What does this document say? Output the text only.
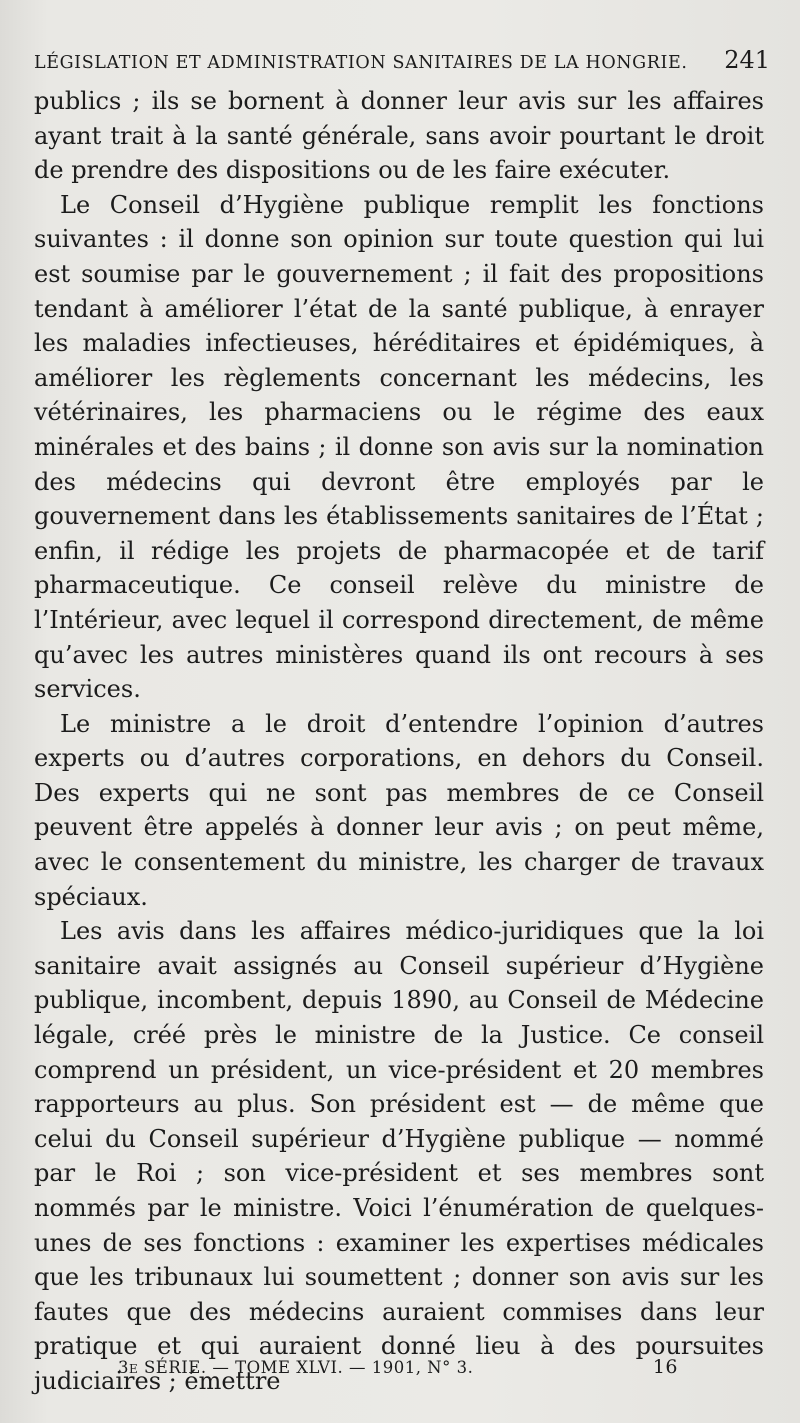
LÉGISLATION ET ADMINISTRATION SANITAIRES DE LA HONGRIE. 241

publics ; ils se bornent à donner leur avis sur les affaires ayant trait à la santé générale, sans avoir pourtant le droit de prendre des dispositions ou de les faire exécuter.

Le Conseil d’Hygiène publique remplit les fonctions suivantes : il donne son opinion sur toute question qui lui est soumise par le gouvernement ; il fait des propositions tendant à améliorer l’état de la santé publique, à enrayer les maladies infectieuses, héréditaires et épidémiques, à améliorer les règlements concernant les médecins, les vétérinaires, les pharmaciens ou le régime des eaux minérales et des bains ; il donne son avis sur la nomination des médecins qui devront être employés par le gouvernement dans les établissements sanitaires de l’État ; enfin, il rédige les projets de pharmacopée et de tarif pharmaceutique. Ce conseil relève du ministre de l’Intérieur, avec lequel il correspond directement, de même qu’avec les autres ministères quand ils ont recours à ses services.

Le ministre a le droit d’entendre l’opinion d’autres experts ou d’autres corporations, en dehors du Conseil. Des experts qui ne sont pas membres de ce Conseil peuvent être appelés à donner leur avis ; on peut même, avec le consentement du ministre, les charger de travaux spéciaux.

Les avis dans les affaires médico-juridiques que la loi sanitaire avait assignés au Conseil supérieur d’Hygiène publique, incombent, depuis 1890, au Conseil de Médecine légale, créé près le ministre de la Justice. Ce conseil comprend un président, un vice-président et 20 membres rapporteurs au plus. Son président est — de même que celui du Conseil supérieur d’Hygiène publique — nommé par le Roi ; son vice-président et ses membres sont nommés par le ministre. Voici l’énumération de quelques-unes de ses fonctions : examiner les expertises médicales que les tribunaux lui soumettent ; donner son avis sur les fautes que des médecins auraient commises dans leur pratique et qui auraient donné lieu à des poursuites judiciaires ; émettre

3e SÉRIE. — TOME XLVI. — 1901, N° 3.	16
